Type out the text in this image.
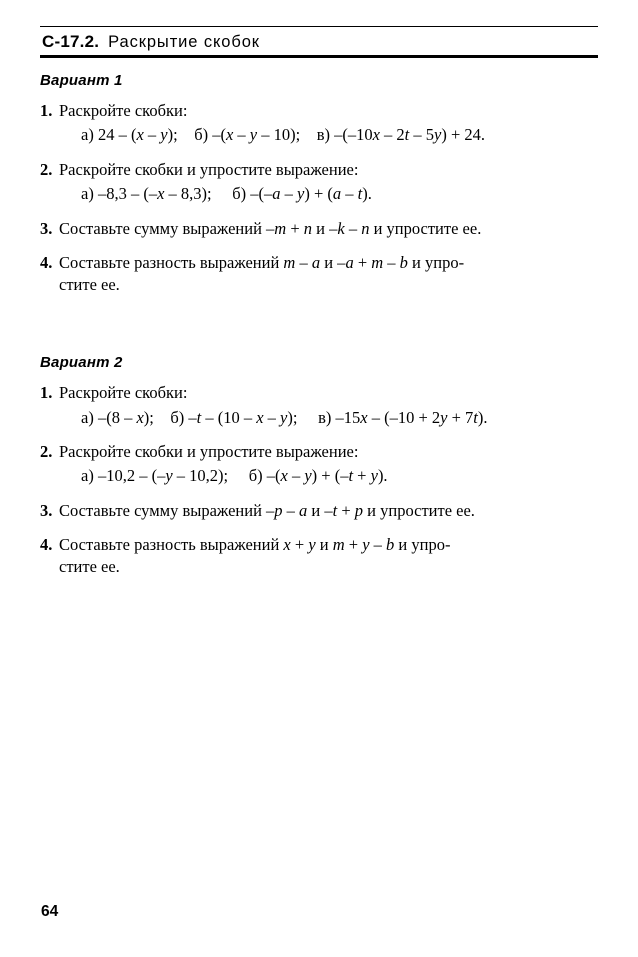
С-17.2. Раскрытие скобок
Вариант 1
1. Раскройте скобки:
а) 24 – (x – y);    б) –(x – y – 10);    в) –(–10x – 2t – 5y) + 24.
2. Раскройте скобки и упростите выражение:
а) –8,3 – (–x – 8,3);     б) –(–a – y) + (a – t).
3. Составьте сумму выражений –m + n и –k – n и упростите ее.
4. Составьте разность выражений m – a и –a + m – b и упро-
стите ее.
Вариант 2
1. Раскройте скобки:
а) –(8 – x);    б) –t – (10 – x – y);     в) –15x – (–10 + 2y + 7t).
2. Раскройте скобки и упростите выражение:
а) –10,2 – (–y – 10,2);     б) –(x – y) + (–t + y).
3. Составьте сумму выражений –p – a и –t + p и упростите ее.
4. Составьте разность выражений x + y и m + y – b и упро-
стите ее.
64
